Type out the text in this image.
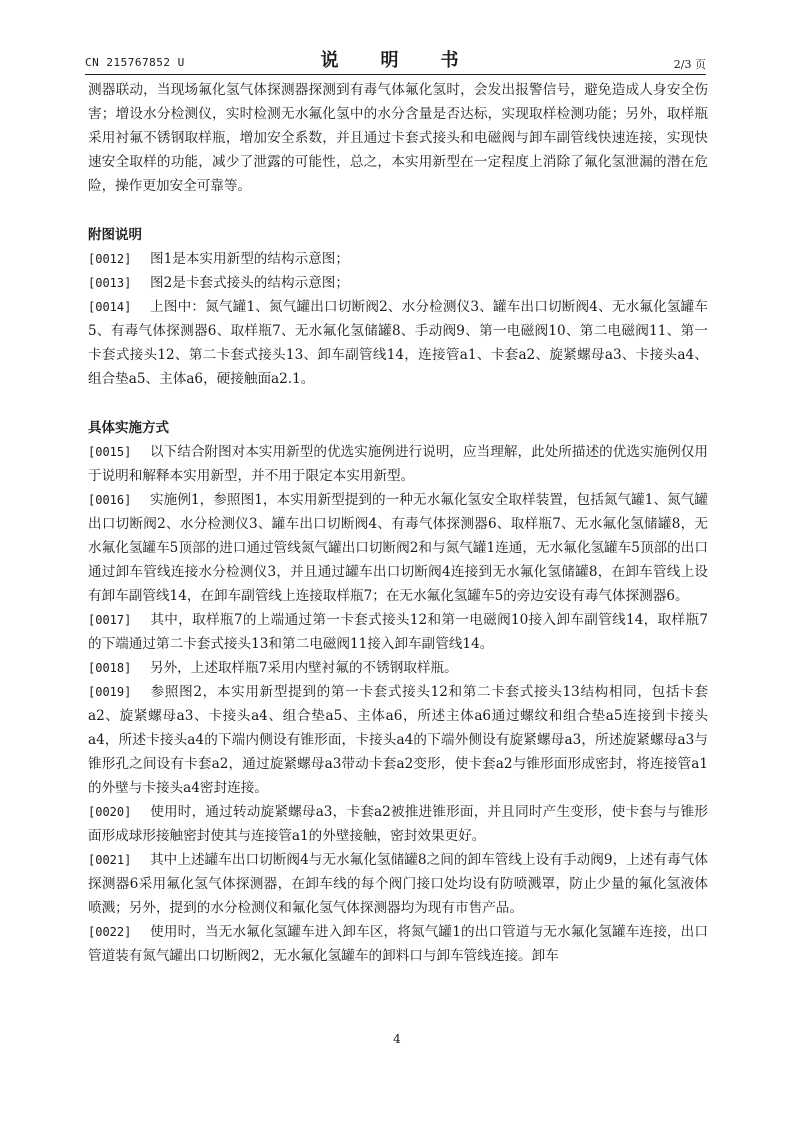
CN 215767852 U	说　明　书	2/3 页

测器联动，当现场氟化氢气体探测器探测到有毒气体氟化氢时，会发出报警信号，避免造成人身安全伤害；增设水分检测仪，实时检测无水氟化氢中的水分含量是否达标，实现取样检测功能；另外，取样瓶采用衬氟不锈钢取样瓶，增加安全系数，并且通过卡套式接头和电磁阀与卸车副管线快速连接，实现快速安全取样的功能，减少了泄露的可能性，总之，本实用新型在一定程度上消除了氟化氢泄漏的潜在危险，操作更加安全可靠等。

附图说明
[0012] 图1是本实用新型的结构示意图；
[0013] 图2是卡套式接头的结构示意图；
[0014] 上图中：氮气罐1、氮气罐出口切断阀2、水分检测仪3、罐车出口切断阀4、无水氟化氢罐车5、有毒气体探测器6、取样瓶7、无水氟化氢储罐8、手动阀9、第一电磁阀10、第二电磁阀11、第一卡套式接头12、第二卡套式接头13、卸车副管线14，连接管a1、卡套a2、旋紧螺母a3、卡接头a4、组合垫a5、主体a6，硬接触面a2.1。
具体实施方式
[0015] 以下结合附图对本实用新型的优选实施例进行说明，应当理解，此处所描述的优选实施例仅用于说明和解释本实用新型，并不用于限定本实用新型。
[0016] 实施例1，参照图1，本实用新型提到的一种无水氟化氢安全取样装置，包括氮气罐1、氮气罐出口切断阀2、水分检测仪3、罐车出口切断阀4、有毒气体探测器6、取样瓶7、无水氟化氢储罐8，无水氟化氢罐车5顶部的进口通过管线氮气罐出口切断阀2和与氮气罐1连通，无水氟化氢罐车5顶部的出口通过卸车管线连接水分检测仪3，并且通过罐车出口切断阀4连接到无水氟化氢储罐8，在卸车管线上设有卸车副管线14，在卸车副管线上连接取样瓶7；在无水氟化氢罐车5的旁边安设有毒气体探测器6。
[0017] 其中，取样瓶7的上端通过第一卡套式接头12和第一电磁阀10接入卸车副管线14，取样瓶7的下端通过第二卡套式接头13和第二电磁阀11接入卸车副管线14。
[0018] 另外，上述取样瓶7采用内壁衬氟的不锈钢取样瓶。
[0019] 参照图2，本实用新型提到的第一卡套式接头12和第二卡套式接头13结构相同，包括卡套a2、旋紧螺母a3、卡接头a4、组合垫a5、主体a6，所述主体a6通过螺纹和组合垫a5连接到卡接头a4，所述卡接头a4的下端内侧设有锥形面，卡接头a4的下端外侧设有旋紧螺母a3，所述旋紧螺母a3与锥形孔之间设有卡套a2，通过旋紧螺母a3带动卡套a2变形，使卡套a2与锥形面形成密封，将连接管a1的外壁与卡接头a4密封连接。
[0020] 使用时，通过转动旋紧螺母a3，卡套a2被推进锥形面，并且同时产生变形，使卡套与与锥形面形成球形接触密封使其与连接管a1的外壁接触，密封效果更好。
[0021] 其中上述罐车出口切断阀4与无水氟化氢储罐8之间的卸车管线上设有手动阀9，上述有毒气体探测器6采用氟化氢气体探测器，在卸车线的每个阀门接口处均设有防喷溅罩，防止少量的氟化氢液体喷溅；另外，提到的水分检测仪和氟化氢气体探测器均为现有市售产品。
[0022] 使用时，当无水氟化氢罐车进入卸车区，将氮气罐1的出口管道与无水氟化氢罐车连接，出口管道装有氮气罐出口切断阀2，无水氟化氢罐车的卸料口与卸车管线连接。卸车
4
